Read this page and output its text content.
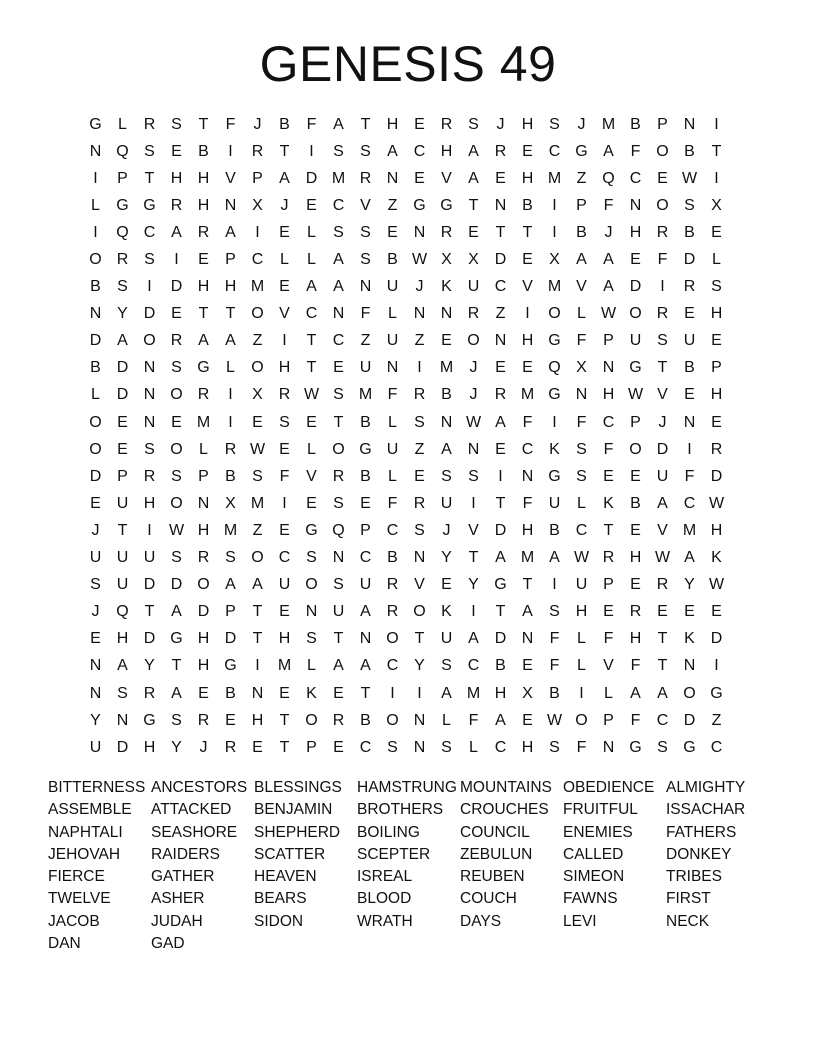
GENESIS 49
G	L	R S	T	F	J	B	F	A	T	H E R S	J	H S	J	M B	P N	I
N Q S	E	B	I	R	T	I	S	S	A C H A R E C G A	F O B	T
I	P	T	H H V	P	A D M R N E	V	A	E H M Z Q C E W	I
L	G G R H N X	J	E C V	Z G G T	N B	I	P	F	N O S	X
I	Q C A R A	I	E	L	S	S	E N R E	T	T	I	B	J	H R B	E
O R S	I	E	P C	L	L	A	S	B W X	X D E	X	A	A	E	F	D	L
B	S	I	D H H M E	A	A N U	J	K U C V M V	A D	I	R S
N Y D E	T	T O V C N	F	L	N N R	Z	I	O	L W O R E H
D A O R A	A	Z	I	T	C	Z	U	Z	E O N H G F	P U S U E
B D N S G	L	O H	T	E U N	I	M	J	E	E Q X N G T	B	P
L	D N O R	I	X R W S M F	R B	J	R M G N H W V	E H
O E N E M	I	E	S	E	T	B	L	S N W A	F	I	F	C P	J	N E
O E	S O	L	R W E	L	O G U	Z	A N E C K	S	F O D	I	R
D P R S	P	B	S	F	V R B	L	E	S	S	I	N G S	E	E U	F	D
E U H O N X M	I	E	S	E	F	R U	I	T	F	U	L	K	B	A C W
J	T	I	W H M Z	E G Q P C S	J	V D H B C	T	E	V M H
U U U S R S O C S N C B N Y	T	A M A W R H W A	K
S U D D O A	A U O S U R V	E	Y G T	I	U P	E R Y W
J	Q T	A D P	T	E N U A R O K	I	T	A	S H E R E	E	E
E H D G H D	T	H S	T	N O T	U A D N	F	L	F	H	T	K D
N A	Y	T	H G	I	M L	A	A C Y	S C B	E	F	L	V	F	T	N	I
N S R A	E	B N E	K	E	T	I	I	A M H X	B	I	L	A	A O G
Y N G S R E H	T O R B O N	L	F	A	E W O P	F	C D	Z
U D H Y	J	R E	T	P	E C S N S	L	C H S	F	N G S G C
BITTERNESS ANCESTORS BLESSINGS HAMSTRUNG MOUNTAINS OBEDIENCE ALMIGHTY
ASSEMBLE	ATTACKED	BENJAMIN	BROTHERS	CROUCHES FRUITFUL	ISSACHAR
NAPHTALI	SEASHORE	SHEPHERD	BOILING	COUNCIL	ENEMIES	FATHERS
JEHOVAH	RAIDERS	SCATTER	SCEPTER	ZEBULUN	CALLED	DONKEY
FIERCE	GATHER	HEAVEN	ISREAL	REUBEN	SIMEON	TRIBES
TWELVE	ASHER	BEARS	BLOOD	COUCH	FAWNS	FIRST
JACOB	JUDAH	SIDON	WRATH	DAYS	LEVI	NECK
DAN	GAD
